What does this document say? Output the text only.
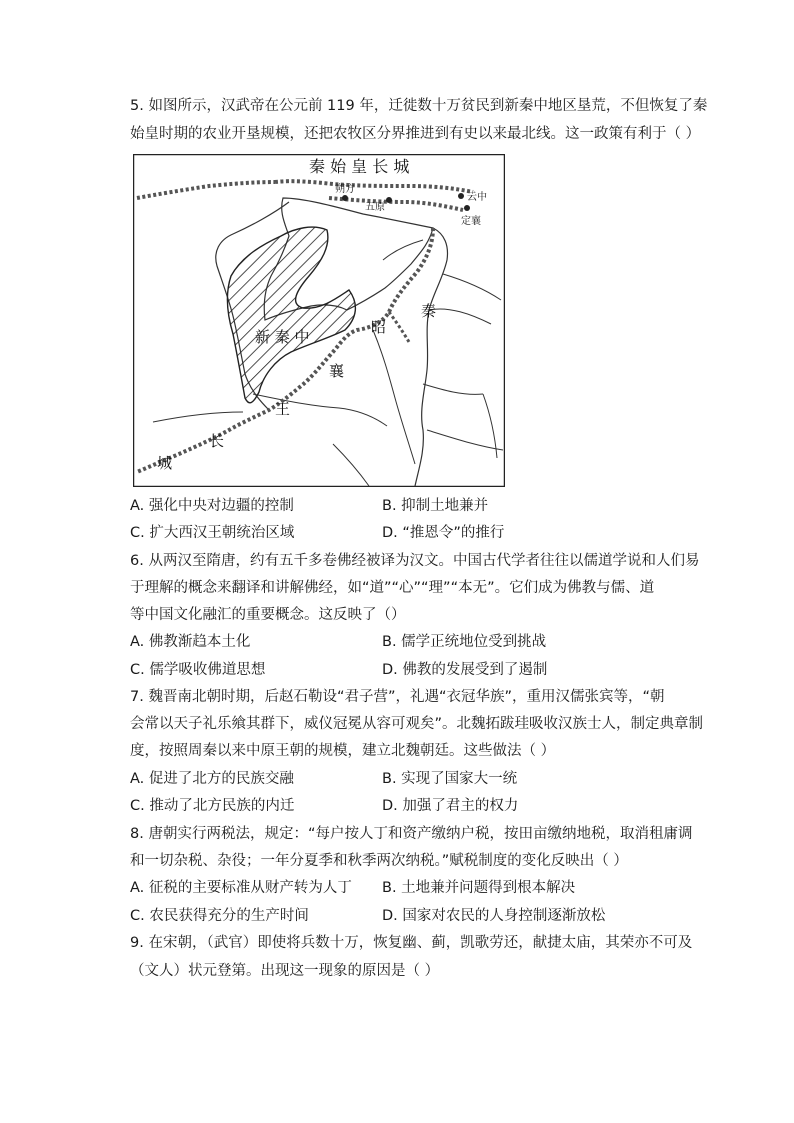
5. 如图所示，汉武帝在公元前 119 年，迁徙数十万贫民到新秦中地区垦荒，不但恢复了秦
始皇时期的农业开垦规模，还把农牧区分界推进到有史以来最北线。这一政策有利于（ ）
秦 始 皇 长 城
朔方
五原
云中
定襄
秦
昭
襄
王
长
城
新 秦 中
A. 强化中央对边疆的控制	B. 抑制土地兼并
C. 扩大西汉王朝统治区域	D. “推恩令”的推行
6. 从两汉至隋唐，约有五千多卷佛经被译为汉文。中国古代学者往往以儒道学说和人们易
于理解的概念来翻译和讲解佛经，如“道”“心”“理”“本无”。它们成为佛教与儒、道
等中国文化融汇的重要概念。这反映了（）
A. 佛教渐趋本土化	B. 儒学正统地位受到挑战
C. 儒学吸收佛道思想	D. 佛教的发展受到了遏制
7. 魏晋南北朝时期，后赵石勒设“君子营”，礼遇“衣冠华族”，重用汉儒张宾等，“朝
会常以天子礼乐飨其群下，威仪冠冕从容可观矣”。北魏拓跋珪吸收汉族士人，制定典章制
度，按照周秦以来中原王朝的规模，建立北魏朝廷。这些做法（ ）
A. 促进了北方的民族交融	B. 实现了国家大一统
C. 推动了北方民族的内迁	D. 加强了君主的权力
8. 唐朝实行两税法，规定：“每户按人丁和资产缴纳户税，按田亩缴纳地税，取消租庸调
和一切杂税、杂役；一年分夏季和秋季两次纳税。”赋税制度的变化反映出（ ）
A. 征税的主要标准从财产转为人丁 B. 土地兼并问题得到根本解决
C. 农民获得充分的生产时间	D. 国家对农民的人身控制逐渐放松
9. 在宋朝，（武官）即使将兵数十万，恢复幽、蓟，凯歌劳还，献捷太庙，其荣亦不可及
（文人）状元登第。出现这一现象的原因是（ ）
